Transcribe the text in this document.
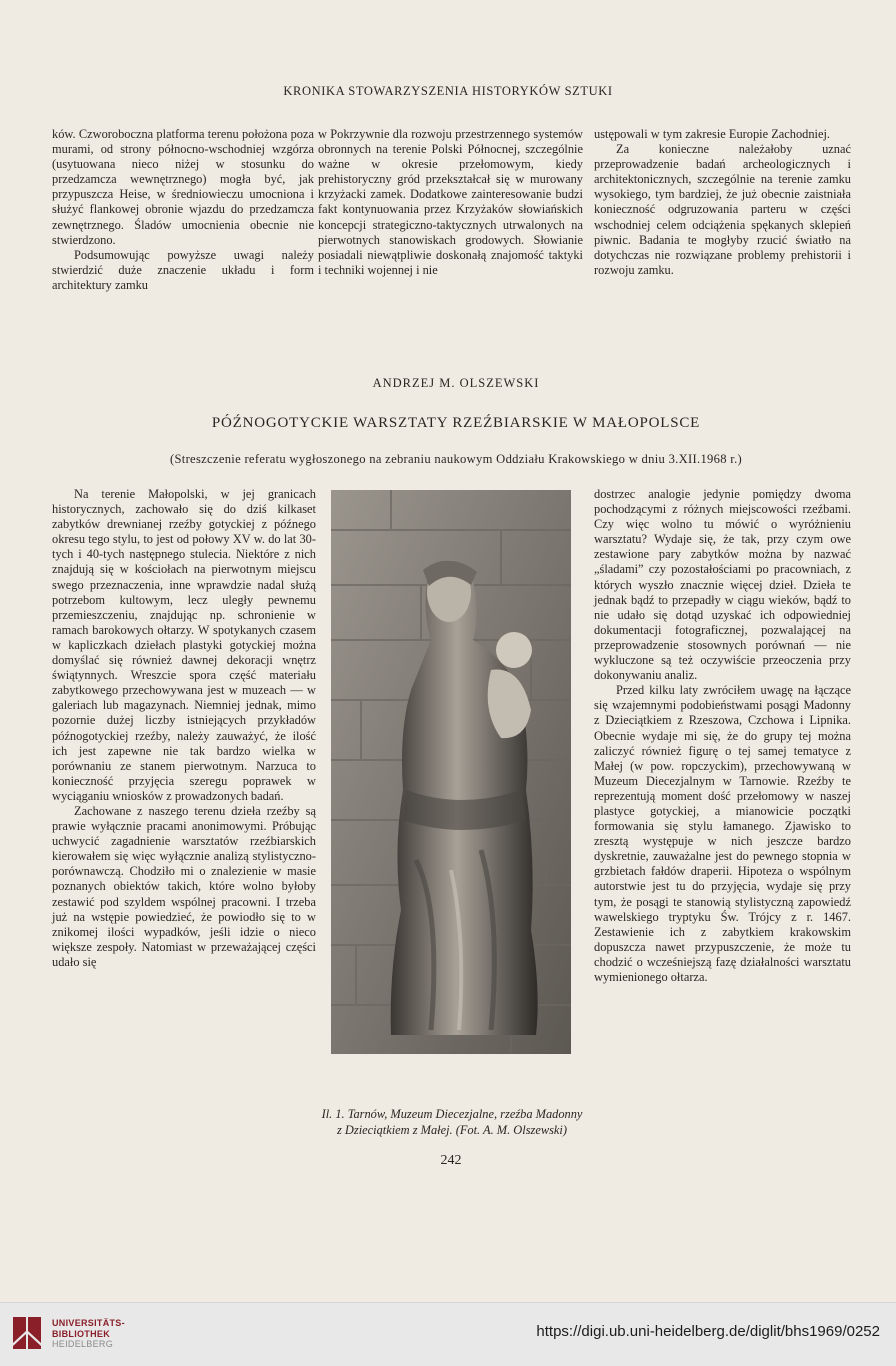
KRONIKA STOWARZYSZENIA HISTORYKÓW SZTUKI

ków. Czworoboczna platforma terenu położona poza murami, od strony północno-wschodniej wzgórza (usytuowana nieco niżej w stosunku do przedzamcza wewnętrznego) mogła być, jak przypuszcza Heise, w średniowieczu umocniona i służyć flankowej obronie wjazdu do przedzamcza zewnętrznego. Śladów umocnienia obecnie nie stwierdzono.

Podsumowując powyższe uwagi należy stwierdzić duże znaczenie układu i form architektury zamku

w Pokrzywnie dla rozwoju przestrzennego systemów obronnych na terenie Polski Północnej, szczególnie ważne w okresie przełomowym, kiedy prehistoryczny gród przekształcał się w murowany krzyżacki zamek. Dodatkowe zainteresowanie budzi fakt kontynuowania przez Krzyżaków słowiańskich koncepcji strategiczno-taktycznych utrwalonych na pierwotnych stanowiskach grodowych. Słowianie posiadali niewątpliwie doskonałą znajomość taktyki i techniki wojennej i nie

ustępowali w tym zakresie Europie Zachodniej.

Za konieczne należałoby uznać przeprowadzenie badań archeologicznych i architektonicznych, szczególnie na terenie zamku wysokiego, tym bardziej, że już obecnie zaistniała konieczność odgruzowania parteru w części wschodniej celem odciążenia spękanych sklepień piwnic. Badania te mogłyby rzucić światło na dotychczas nie rozwiązane problemy prehistorii i rozwoju zamku.

ANDRZEJ M. OLSZEWSKI
PÓŹNOGOTYCKIE WARSZTATY RZEŹBIARSKIE W MAŁOPOLSCE
(Streszczenie referatu wygłoszonego na zebraniu naukowym Oddziału Krakowskiego w dniu 3.XII.1968 r.)

Na terenie Małopolski, w jej granicach historycznych, zachowało się do dziś kilkaset zabytków drewnianej rzeźby gotyckiej z późnego okresu tego stylu, to jest od połowy XV w. do lat 30-tych i 40-tych następnego stulecia. Niektóre z nich znajdują się w kościołach na pierwotnym miejscu swego przeznaczenia, inne wprawdzie nadal służą potrzebom kultowym, lecz uległy pewnemu przemieszczeniu, znajdując np. schronienie w ramach barokowych ołtarzy. W spotykanych czasem w kapliczkach dziełach plastyki gotyckiej można domyślać się również dawnej dekoracji wnętrz świątynnych. Wreszcie spora część materiału zabytkowego przechowywana jest w muzeach — w galeriach lub magazynach. Niemniej jednak, mimo pozornie dużej liczby istniejących przykładów późnogotyckiej rzeźby, należy zauważyć, że ilość ich jest zapewne nie tak bardzo wielka w porównaniu ze stanem pierwotnym. Narzuca to konieczność przyjęcia szeregu poprawek w wyciąganiu wniosków z prowadzonych badań.

Zachowane z naszego terenu dzieła rzeźby są prawie wyłącznie pracami anonimowymi. Próbując uchwycić zagadnienie warsztatów rzeźbiarskich kierowałem się więc wyłącznie analizą stylistyczno-porównawczą. Chodziło mi o znalezienie w masie poznanych obiektów takich, które wolno byłoby zestawić pod szyldem wspólnej pracowni. I trzeba już na wstępie powiedzieć, że powiodło się to w znikomej ilości wypadków, jeśli idzie o nieco większe zespoły. Natomiast w przeważającej części udało się

Il. 1. Tarnów, Muzeum Diecezjalne, rzeźba Madonny z Dzieciątkiem z Małej. (Fot. A. M. Olszewski)

dostrzec analogie jedynie pomiędzy dwoma pochodzącymi z różnych miejscowości rzeźbami. Czy więc wolno tu mówić o wyróżnieniu warsztatu? Wydaje się, że tak, przy czym owe zestawione pary zabytków można by nazwać „śladаmi” czy pozostałościami po pracowniach, z których wyszło znacznie więcej dzieł. Dzieła te jednak bądź to przepadły w ciągu wieków, bądź to nie udało się dotąd uzyskać ich odpowiedniej dokumentacji fotograficznej, pozwalającej na przeprowadzenie stosownych porównań — nie wykluczone są też oczywiście przeoczenia przy dokonywaniu analiz.

Przed kilku laty zwróciłem uwagę na łączące się wzajemnymi podobieństwami posągi Madonny z Dzieciątkiem z Rzeszowa, Czchowa i Lipnika. Obecnie wydaje mi się, że do grupy tej można zaliczyć również figurę o tej samej tematyce z Małej (w pow. ropczyckim), przechowywaną w Muzeum Diecezjalnym w Tarnowie. Rzeźby te reprezentują moment dość przełomowy w naszej plastyce gotyckiej, a mianowicie początki formowania się stylu łamanego. Zjawisko to zresztą występuje w nich jeszcze bardzo dyskretnie, zauważalne jest do pewnego stopnia w grzbietach fałdów draperii. Hipoteza o wspólnym autorstwie jest tu do przyjęcia, wydaje się przy tym, że posągi te stanowią stylistyczną zapowiedź wawelskiego tryptyku Św. Trójcy z r. 1467. Zestawienie ich z zabytkiem krakowskim dopuszcza nawet przypuszczenie, że może tu chodzić o wcześniejszą fazę działalności warsztatu wymienionego ołtarza.

242
UNIVERSITÄTS-
BIBLIOTHEK
HEIDELBERG
https://digi.ub.uni-heidelberg.de/diglit/bhs1969/0252
